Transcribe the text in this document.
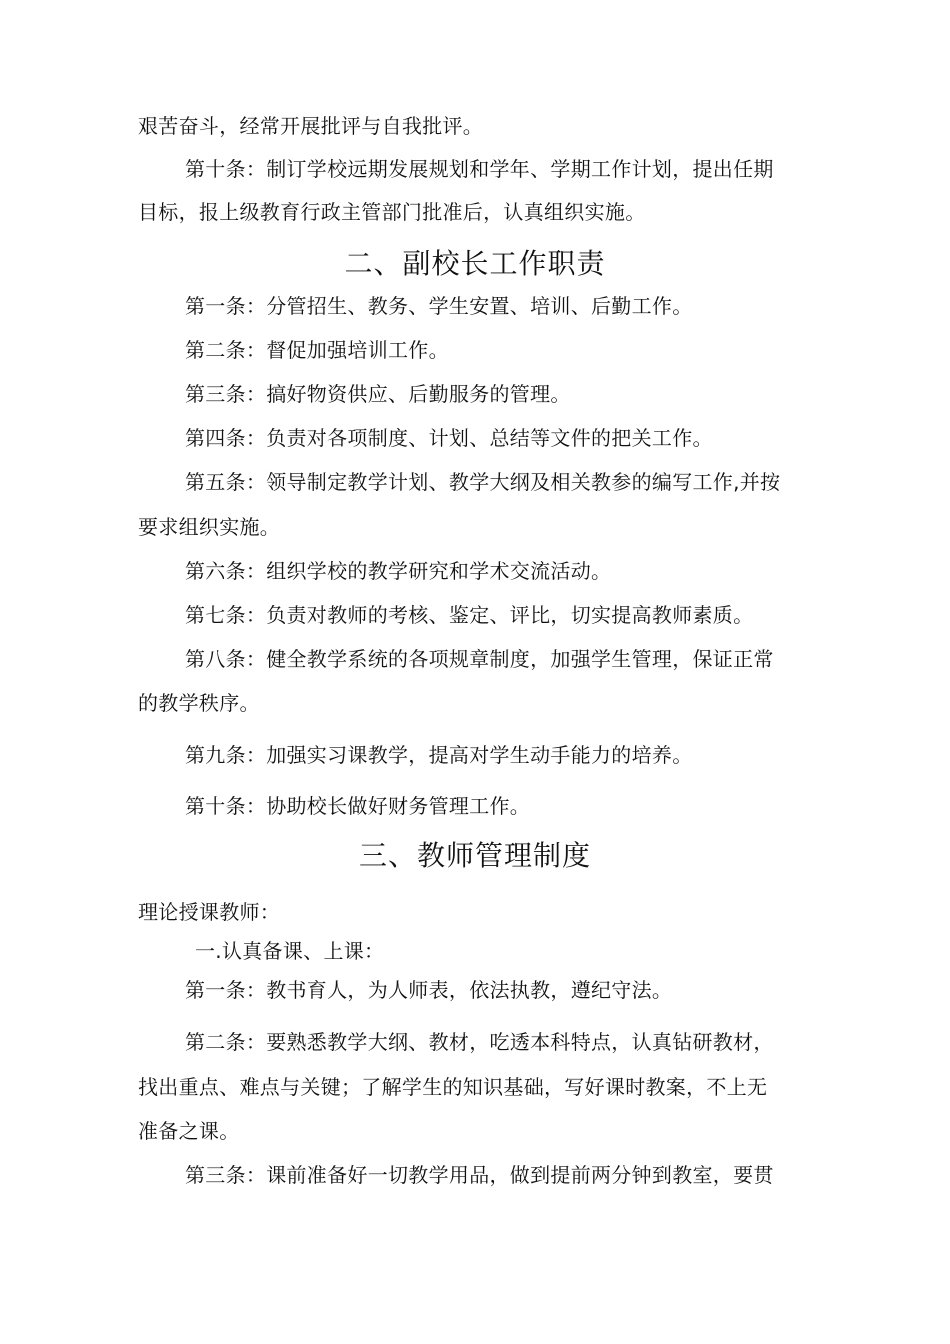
艰苦奋斗，经常开展批评与自我批评。
第十条：制订学校远期发展规划和学年、学期工作计划，提出任期
目标，报上级教育行政主管部门批准后，认真组织实施。
二、副校长工作职责
第一条：分管招生、教务、学生安置、培训、后勤工作。
第二条：督促加强培训工作。
第三条：搞好物资供应、后勤服务的管理。
第四条：负责对各项制度、计划、总结等文件的把关工作。
第五条：领导制定教学计划、教学大纲及相关教参的编写工作,并按
要求组织实施。
第六条：组织学校的教学研究和学术交流活动。
第七条：负责对教师的考核、鉴定、评比，切实提高教师素质。
第八条：健全教学系统的各项规章制度，加强学生管理，保证正常
的教学秩序。
第九条：加强实习课教学，提高对学生动手能力的培养。
第十条：协助校长做好财务管理工作。
三、教师管理制度
理论授课教师：
一.认真备课、上课：
第一条：教书育人，为人师表，依法执教，遵纪守法。
第二条：要熟悉教学大纲、教材，吃透本科特点，认真钻研教材，
找出重点、难点与关键；了解学生的知识基础，写好课时教案，不上无
准备之课。
第三条：课前准备好一切教学用品，做到提前两分钟到教室，要贯
